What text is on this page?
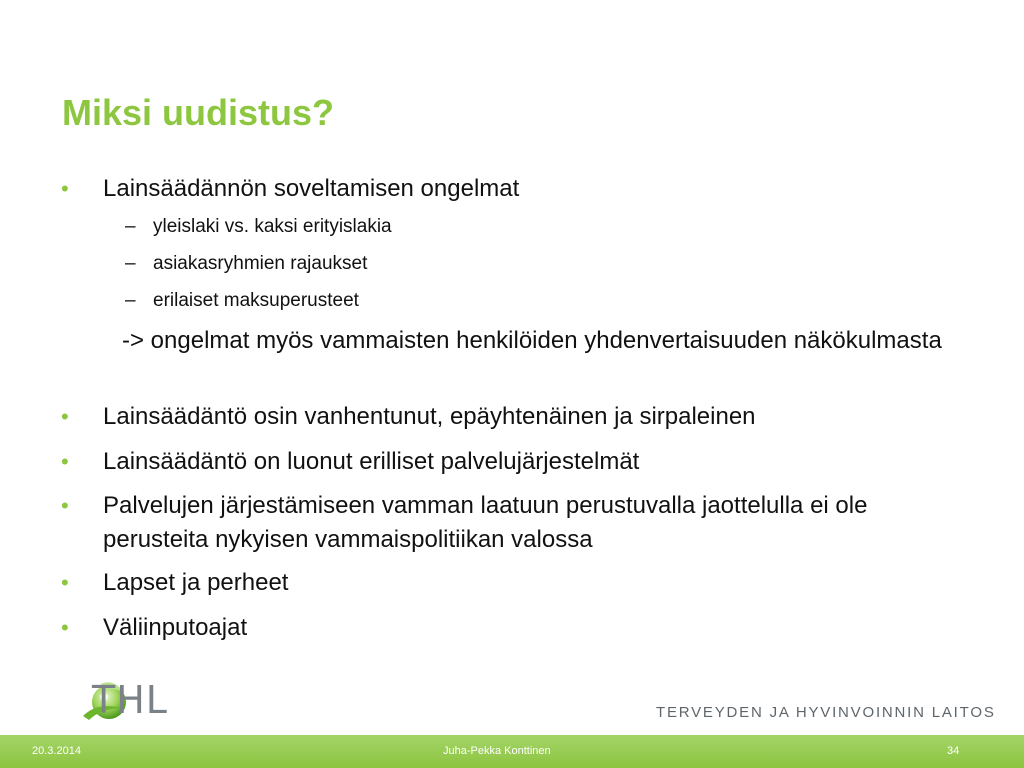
Miksi uudistus?
• Lainsäädännön soveltamisen ongelmat
– yleislaki vs. kaksi erityislakia
– asiakasryhmien rajaukset
– erilaiset maksuperusteet
-> ongelmat myös vammaisten henkilöiden yhdenvertaisuuden näkökulmasta
• Lainsäädäntö osin vanhentunut, epäyhtenäinen ja sirpaleinen
• Lainsäädäntö on luonut erilliset palvelujärjestelmät
• Palvelujen järjestämiseen vamman laatuun perustuvalla jaottelulla ei ole perusteita nykyisen vammaispolitiikan valossa
• Lapset ja perheet
• Väliinputoajat
THL	TERVEYDEN JA HYVINVOINNIN LAITOS
20.3.2014	Juha-Pekka Konttinen	34
